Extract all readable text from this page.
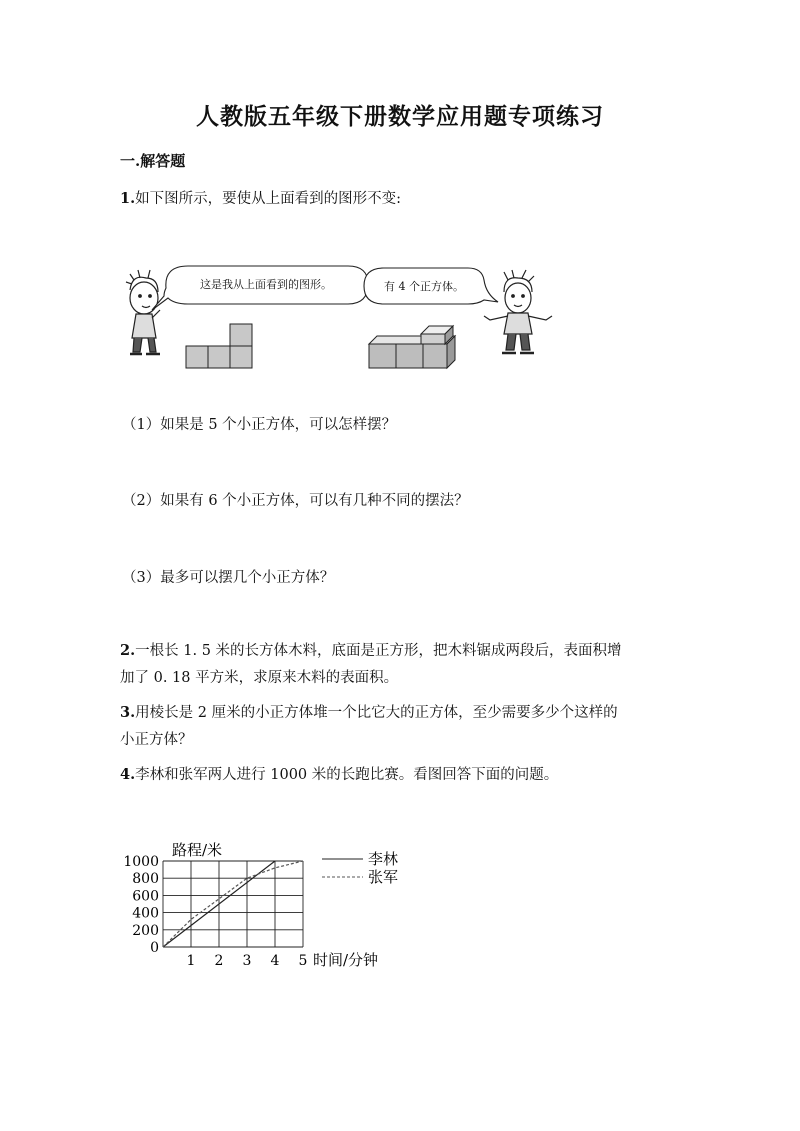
人教版五年级下册数学应用题专项练习
一.解答题
1.如下图所示，要使从上面看到的图形不变:
这是我从上面看到的图形。	有 4 个正方体。
（1）如果是 5 个小正方体，可以怎样摆？
（2）如果有 6 个小正方体，可以有几种不同的摆法？
（3）最多可以摆几个小正方体？
2.一根长 1. 5 米的长方体木料，底面是正方形，把木料锯成两段后，表面积增
加了 0. 18 平方米，求原来木料的表面积。
3.用棱长是 2 厘米的小正方体堆一个比它大的正方体，至少需要多少个这样的
小正方体？
4.李林和张军两人进行 1000 米的长跑比赛。看图回答下面的问题。
0
200
400
600
800
1000
1 2 3 4 5
路程/米
时间/分钟
李林
张军
